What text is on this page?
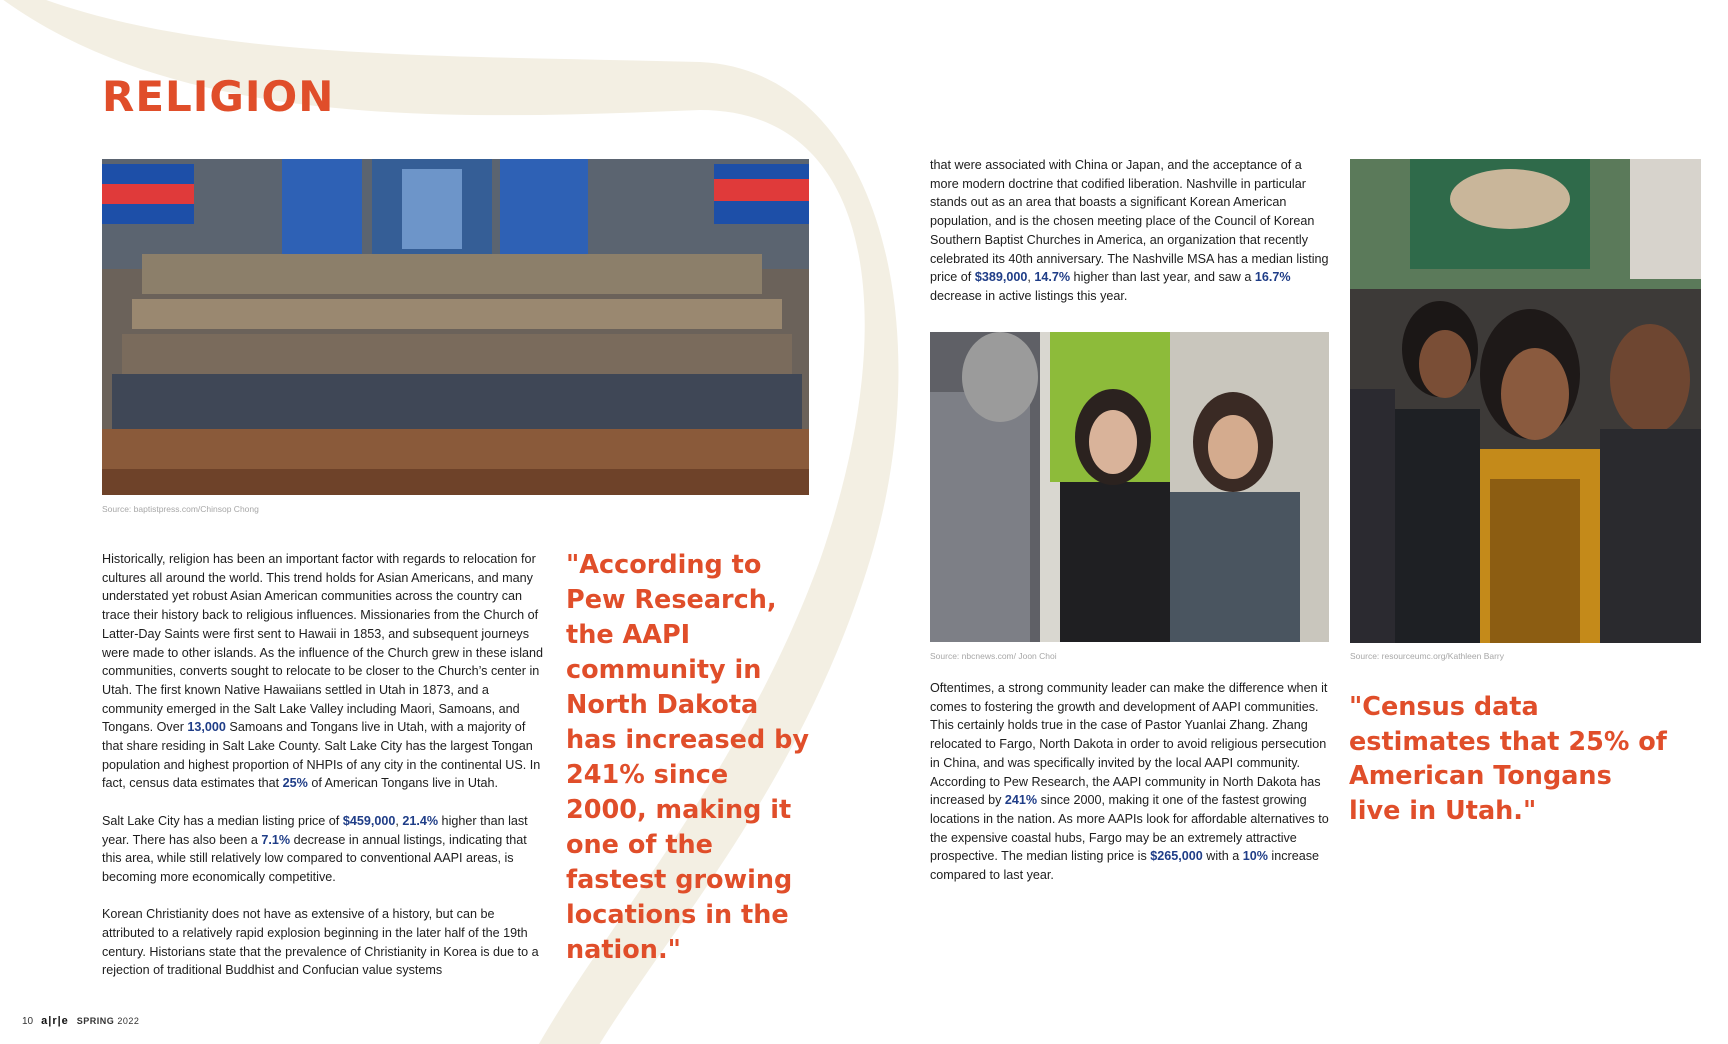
RELIGION
Source: baptistpress.com/Chinsop Chong

Historically, religion has been an important factor with regards to relocation for cultures all around the world. This trend holds for Asian Americans, and many understated yet robust Asian American communities across the country can trace their history back to religious influences. Missionaries from the Church of Latter-Day Saints were first sent to Hawaii in 1853, and subsequent journeys were made to other islands. As the influence of the Church grew in these island communities, converts sought to relocate to be closer to the Church’s center in Utah. The first known Native Hawaiians settled in Utah in 1873, and a community emerged in the Salt Lake Valley including Maori, Samoans, and Tongans. Over 13,000 Samoans and Tongans live in Utah, with a majority of that share residing in Salt Lake County. Salt Lake City has the largest Tongan population and highest proportion of NHPIs of any city in the continental US. In fact, census data estimates that 25% of American Tongans live in Utah.

Salt Lake City has a median listing price of $459,000, 21.4% higher than last year. There has also been a 7.1% decrease in annual listings, indicating that this area, while still relatively low compared to conventional AAPI areas, is becoming more economically competitive.

Korean Christianity does not have as extensive of a history, but can be attributed to a relatively rapid explosion beginning in the later half of the 19th century. Historians state that the prevalence of Christianity in Korea is due to a rejection of traditional Buddhist and Confucian value systems

"According to Pew Research, the AAPI community in North Dakota has increased by 241% since 2000, making it one of the fastest growing locations in the nation."

that were associated with China or Japan, and the acceptance of a more modern doctrine that codified liberation. Nashville in particular stands out as an area that boasts a significant Korean American population, and is the chosen meeting place of the Council of Korean Southern Baptist Churches in America, an organization that recently celebrated its 40th anniversary. The Nashville MSA has a median listing price of $389,000, 14.7% higher than last year, and saw a 16.7% decrease in active listings this year.

Source: nbcnews.com/ Joon Choi

Oftentimes, a strong community leader can make the difference when it comes to fostering the growth and development of AAPI communities. This certainly holds true in the case of Pastor Yuanlai Zhang. Zhang relocated to Fargo, North Dakota in order to avoid religious persecution in China, and was specifically invited by the local AAPI community. According to Pew Research, the AAPI community in North Dakota has increased by 241% since 2000, making it one of the fastest growing locations in the nation. As more AAPIs look for affordable alternatives to the expensive coastal hubs, Fargo may be an extremely attractive prospective. The median listing price is $265,000 with a 10% increase compared to last year.

Source: resourceumc.org/Kathleen Barry

"Census data estimates that 25% of American Tongans live in Utah."

10 a|r|e SPRING 2022
